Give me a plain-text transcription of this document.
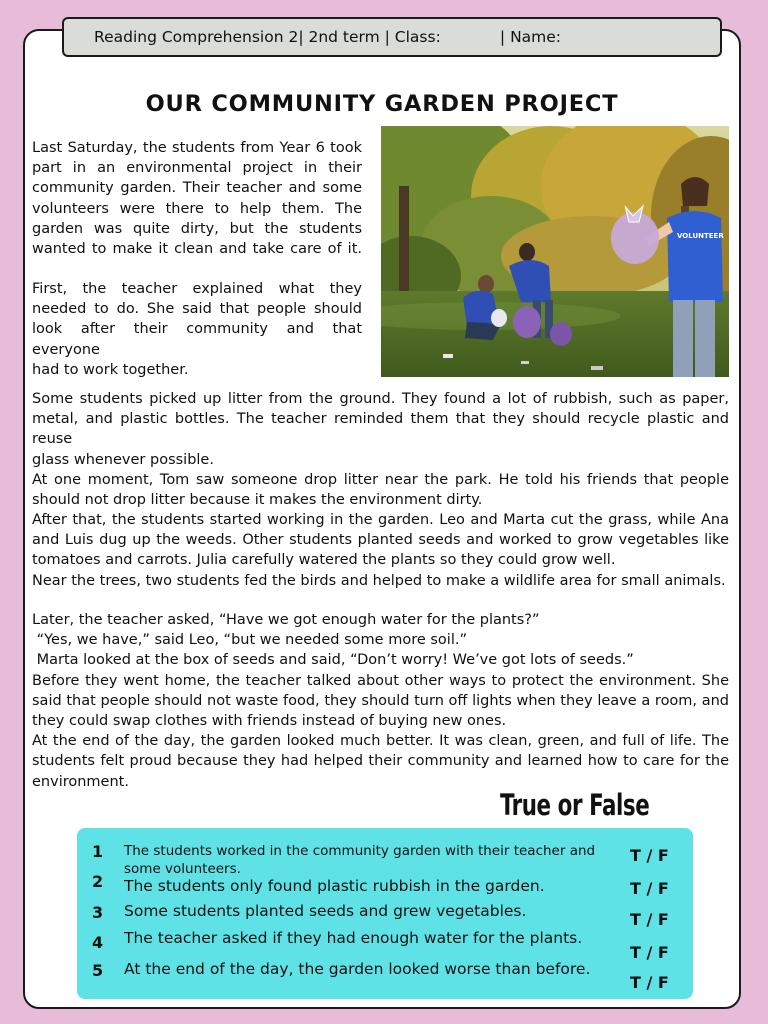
Reading Comprehension 2| 2nd term | Class:            | Name:
OUR COMMUNITY GARDEN PROJECT

Last Saturday, the students from Year 6 took
part in an environmental project in their
community garden. Their teacher and some
volunteers were there to help them. The
garden was quite dirty, but the students
wanted to make it clean and take care of it.

First, the teacher explained what they
needed to do. She said that people should
look after their community and that everyone
had to work together.

VOLUNTEER

Some students picked up litter from the ground. They found a lot of rubbish, such as paper,
metal, and plastic bottles. The teacher reminded them that they should recycle plastic and reuse
glass whenever possible.
At one moment, Tom saw someone drop litter near the park. He told his friends that people
should not drop litter because it makes the environment dirty.

After that, the students started working in the garden. Leo and Marta cut the grass, while Ana
and Luis dug up the weeds. Other students planted seeds and worked to grow vegetables like
tomatoes and carrots. Julia carefully watered the plants so they could grow well.
Near the trees, two students fed the birds and helped to make a wildlife area for small animals.

Later, the teacher asked, “Have we got enough water for the plants?”
“Yes, we have,” said Leo, “but we needed some more soil.”
Marta looked at the box of seeds and said, “Don’t worry! We’ve got lots of seeds.”
Before they went home, the teacher talked about other ways to protect the environment. She
said that people should not waste food, they should turn off lights when they leave a room, and
they could swap clothes with friends instead of buying new ones.
At the end of the day, the garden looked much better. It was clean, green, and full of life. The
students felt proud because they had helped their community and learned how to care for the
environment.

True or False
1 The students worked in the community garden with their teacher and some volunteers.
T / F
2 The students only found plastic rubbish in the garden.	T / F
3 Some students planted seeds and grew vegetables.	T / F
4 The teacher asked if they had enough water for the plants.
T / F
5 At the end of the day, the garden looked worse than before.
T / F
